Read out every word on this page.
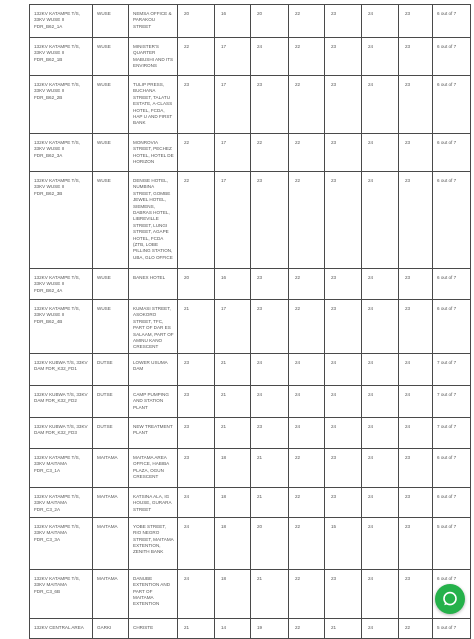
132KV KATAMPE T/S, 33KV WUSE II FDR_B62_1A	WUSE	NEMSA OFFICE & PARAKOU STREET	20	16	20	22	23	24	23	6 out of 7
132KV KATAMPE T/S, 33KV WUSE II FDR_B62_1B	WUSE	MINISTER'S QUARTER MABUSHI AND ITS ENVIRONS	22	17	24	22	23	24	23	6 out of 7
132KV KATAMPE T/S, 33KV WUSE II FDR_B62_2B	WUSE	TULIP PRESS, BUCHANA STREET, TALATU ESTATE, A-CLASS HOTEL, FCDA, HAP U AND FIRST BANK	23	17	23	22	23	24	23	6 out of 7
132KV KATAMPE T/S, 33KV WUSE II FDR_B62_3A	WUSE	MONROVIA STREET, PECHEZ HOTEL, HOTEL DE HORIZON	22	17	22	22	23	24	23	6 out of 7
132KV KATAMPE T/S, 33KV WUSE II FDR_B62_3B	WUSE	DENISE HOTEL, NUMBINA STREET, GOMBE JEWEL HOTEL, SIEMENS, DABRAS HOTEL, LIBREVILLE STREET, LUNGI STREET, AGAPE HOTEL, FCDA (ZTB, LOBE PILLING STATION, UBA, GLO OFFICE	22	17	23	22	23	24	23	6 out of 7
132KV KATAMPE T/S, 33KV WUSE II FDR_B62_4A	WUSE	BANEX HOTEL	20	16	23	22	23	24	23	6 out of 7
132KV KATAMPE T/S, 33KV WUSE II FDR_B62_4B	WUSE	KUMASI STREET, ASOKORO STREET, TFC, PART OF DAR ES SALAAM, PART OF AMINU KANO CRESCENT	21	17	23	22	23	24	23	6 out of 7
132KV KUBWA T/S, 33KV DAM FDR_K32_FD1	DUTSE	LOWER USUMA DAM	23	21	24	24	24	24	24	7 out of 7
132KV KUBWA T/S, 33KV DAM FDR_K32_FD2	DUTSE	CAMP PUMPING AND STATION PLANT	23	21	24	24	24	24	24	7 out of 7
132KV KUBWA T/S, 33KV DAM FDR_K32_FD3	DUTSE	NEW TREATMENT PLANT	23	21	23	24	24	24	24	7 out of 7
132KV KATAMPE T/S, 33KV MAITAMA FDR_C3_1A	MAITAMA	MAITAMA AREA OFFICE, HABIBA PLAZA, OGUN CRESCENT	23	18	21	22	23	24	23	6 out of 7
132KV KATAMPE T/S, 33KV MAITAMA FDR_C3_2A	MAITAMA	KATSINA ALA, IG HOUSE, GURARA STREET	24	18	21	22	23	24	23	6 out of 7
132KV KATAMPE T/S, 33KV MAITAMA FDR_C3_3A	MAITAMA	YOBE STREET, RIO NEGRO STREET, MAITAMA EXTENTION, ZENITH BANK	24	18	20	22	15	24	23	5 out of 7
132KV KATAMPE T/S, 33KV MAITAMA FDR_C3_6B	MAITAMA	DANUBE EXTENTION AND PART OF MAITAMA EXTENTION	24	18	21	22	23	24	23	6 out of 7
132KV CENTRAL AREA	GARKI	CHRISTE	21	14	19	22	21	24	22	5 out of 7
